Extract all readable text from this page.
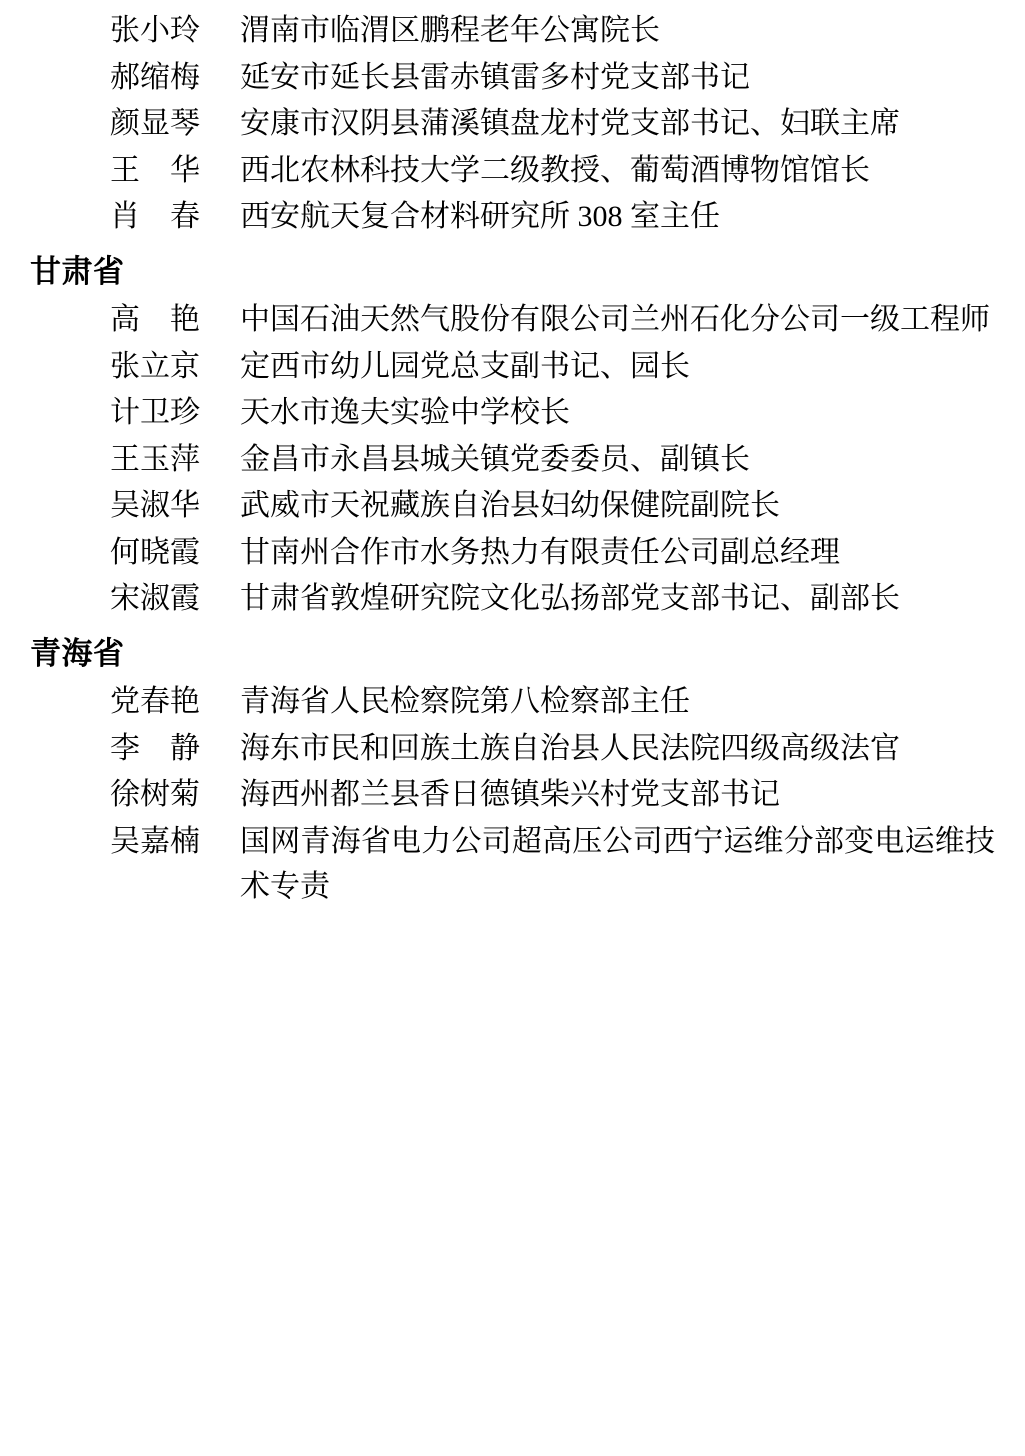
张小玲	渭南市临渭区鹏程老年公寓院长
郝缩梅	延安市延长县雷赤镇雷多村党支部书记
颜显琴	安康市汉阴县蒲溪镇盘龙村党支部书记、妇联主席
王　华	西北农林科技大学二级教授、葡萄酒博物馆馆长
肖　春	西安航天复合材料研究所 308 室主任
甘肃省
高　艳	中国石油天然气股份有限公司兰州石化分公司一级工程师
张立京	定西市幼儿园党总支副书记、园长
计卫珍	天水市逸夫实验中学校长
王玉萍	金昌市永昌县城关镇党委委员、副镇长
吴淑华	武威市天祝藏族自治县妇幼保健院副院长
何晓霞	甘南州合作市水务热力有限责任公司副总经理
宋淑霞	甘肃省敦煌研究院文化弘扬部党支部书记、副部长
青海省
党春艳	青海省人民检察院第八检察部主任
李　静	海东市民和回族土族自治县人民法院四级高级法官
徐树菊	海西州都兰县香日德镇柴兴村党支部书记
吴嘉楠	国网青海省电力公司超高压公司西宁运维分部变电运维技术专责
